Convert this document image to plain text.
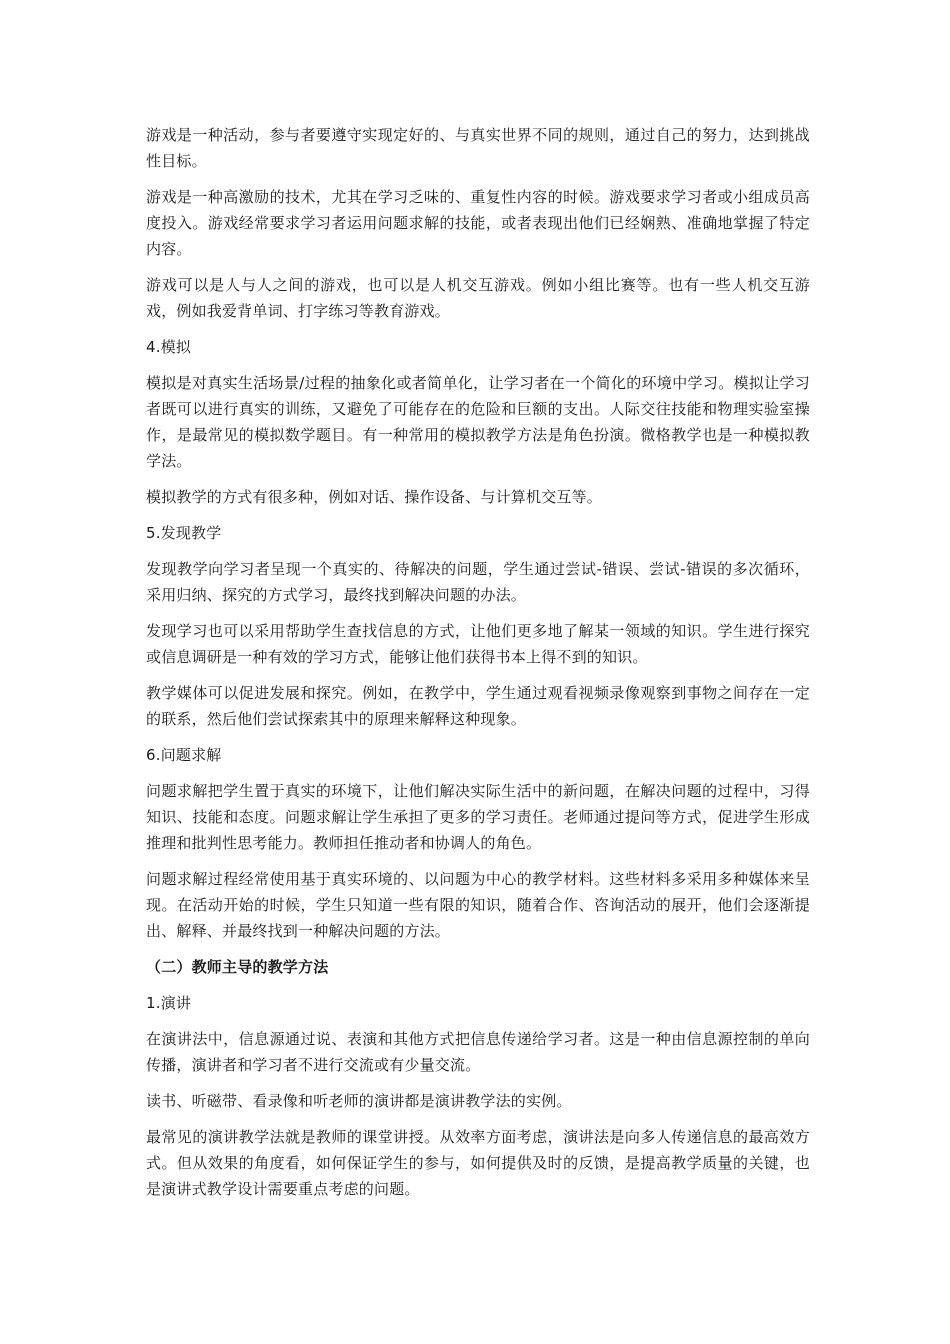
游戏是一种活动，参与者要遵守实现定好的、与真实世界不同的规则，通过自己的努力，达到挑战性目标。

游戏是一种高激励的技术，尤其在学习乏味的、重复性内容的时候。游戏要求学习者或小组成员高度投入。游戏经常要求学习者运用问题求解的技能，或者表现出他们已经娴熟、准确地掌握了特定内容。

游戏可以是人与人之间的游戏，也可以是人机交互游戏。例如小组比赛等。也有一些人机交互游戏，例如我爱背单词、打字练习等教育游戏。

4.模拟

模拟是对真实生活场景/过程的抽象化或者简单化，让学习者在一个简化的环境中学习。模拟让学习者既可以进行真实的训练，又避免了可能存在的危险和巨额的支出。人际交往技能和物理实验室操作，是最常见的模拟数学题目。有一种常用的模拟教学方法是角色扮演。微格教学也是一种模拟教学法。

模拟教学的方式有很多种，例如对话、操作设备、与计算机交互等。

5.发现教学

发现教学向学习者呈现一个真实的、待解决的问题，学生通过尝试-错误、尝试-错误的多次循环，采用归纳、探究的方式学习，最终找到解决问题的办法。

发现学习也可以采用帮助学生查找信息的方式，让他们更多地了解某一领域的知识。学生进行探究或信息调研是一种有效的学习方式，能够让他们获得书本上得不到的知识。

教学媒体可以促进发展和探究。例如，在教学中，学生通过观看视频录像观察到事物之间存在一定的联系，然后他们尝试探索其中的原理来解释这种现象。

6.问题求解

问题求解把学生置于真实的环境下，让他们解决实际生活中的新问题，在解决问题的过程中，习得知识、技能和态度。问题求解让学生承担了更多的学习责任。老师通过提问等方式，促进学生形成推理和批判性思考能力。教师担任推动者和协调人的角色。

问题求解过程经常使用基于真实环境的、以问题为中心的教学材料。这些材料多采用多种媒体来呈现。在活动开始的时候，学生只知道一些有限的知识，随着合作、咨询活动的展开，他们会逐渐提出、解释、并最终找到一种解决问题的方法。

（二）教师主导的教学方法

1.演讲

在演讲法中，信息源通过说、表演和其他方式把信息传递给学习者。这是一种由信息源控制的单向传播，演讲者和学习者不进行交流或有少量交流。

读书、听磁带、看录像和听老师的演讲都是演讲教学法的实例。

最常见的演讲教学法就是教师的课堂讲授。从效率方面考虑，演讲法是向多人传递信息的最高效方式。但从效果的角度看，如何保证学生的参与，如何提供及时的反馈，是提高教学质量的关键，也是演讲式教学设计需要重点考虑的问题。
